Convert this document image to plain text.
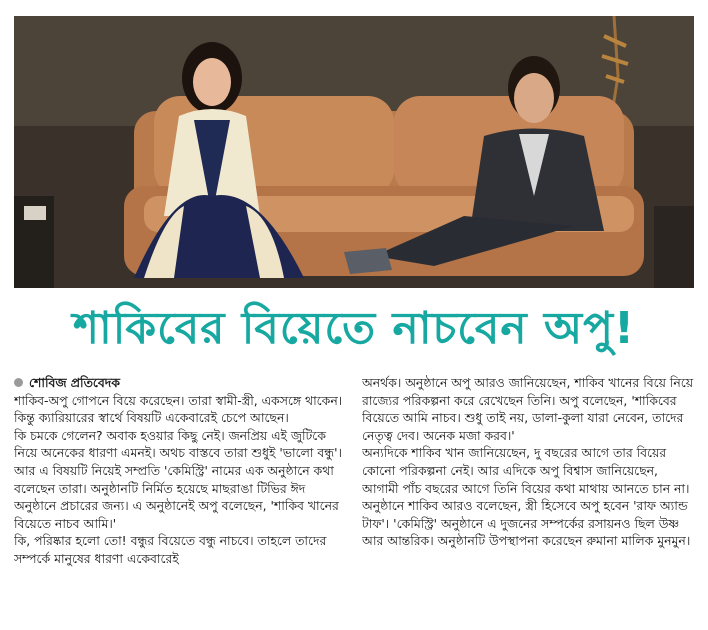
শাকিবের বিয়েতে নাচবেন অপু!

শোবিজ প্রতিবেদক

শাকিব-অপু গোপনে বিয়ে করেছেন। তারা স্বামী-স্ত্রী, একসঙ্গে থাকেন। কিন্তু ক্যারিয়ারের স্বার্থে বিষয়টি একেবারেই চেপে আছেন।

কি চমকে গেলেন? অবাক হওয়ার কিছু নেই। জনপ্রিয় এই জুটিকে নিয়ে অনেকের ধারণা এমনই। অথচ বাস্তবে তারা শুধুই 'ভালো বন্ধু'। আর এ বিষয়টি নিয়েই সম্প্রতি 'কেমিস্ট্রি' নামের এক অনুষ্ঠানে কথা বলেছেন তারা। অনুষ্ঠানটি নির্মিত হয়েছে মাছরাঙা টিভির ঈদ অনুষ্ঠানে প্রচারের জন্য। এ অনুষ্ঠানেই অপু বলেছেন, 'শাকিব খানের বিয়েতে নাচব আমি।'

কি, পরিষ্কার হলো তো! বন্ধুর বিয়েতে বন্ধু নাচবে। তাহলে তাদের সম্পর্কে মানুষের ধারণা একেবারেই

অনর্থক। অনুষ্ঠানে অপু আরও জানিয়েছেন, শাকিব খানের বিয়ে নিয়ে রাজ্যের পরিকল্পনা করে রেখেছেন তিনি। অপু বলেছেন, 'শাকিবের বিয়েতে আমি নাচব। শুধু তাই নয়, ডালা-কুলা যারা নেবেন, তাদের নেতৃত্ব দেব। অনেক মজা করব।'

অন্যদিকে শাকিব খান জানিয়েছেন, দু বছরের আগে তার বিয়ের কোনো পরিকল্পনা নেই। আর এদিকে অপু বিশ্বাস জানিয়েছেন, আগামী পাঁচ বছরের আগে তিনি বিয়ের কথা মাথায় আনতে চান না।

অনুষ্ঠানে শাকিব আরও বলেছেন, স্ত্রী হিসেবে অপু হবেন 'রাফ অ্যান্ড টাফ'। 'কেমিস্ট্রি' অনুষ্ঠানে এ দুজনের সম্পর্কের রসায়নও ছিল উষ্ণ আর আন্তরিক। অনুষ্ঠানটি উপস্থাপনা করেছেন রুমানা মালিক মুনমুন।
